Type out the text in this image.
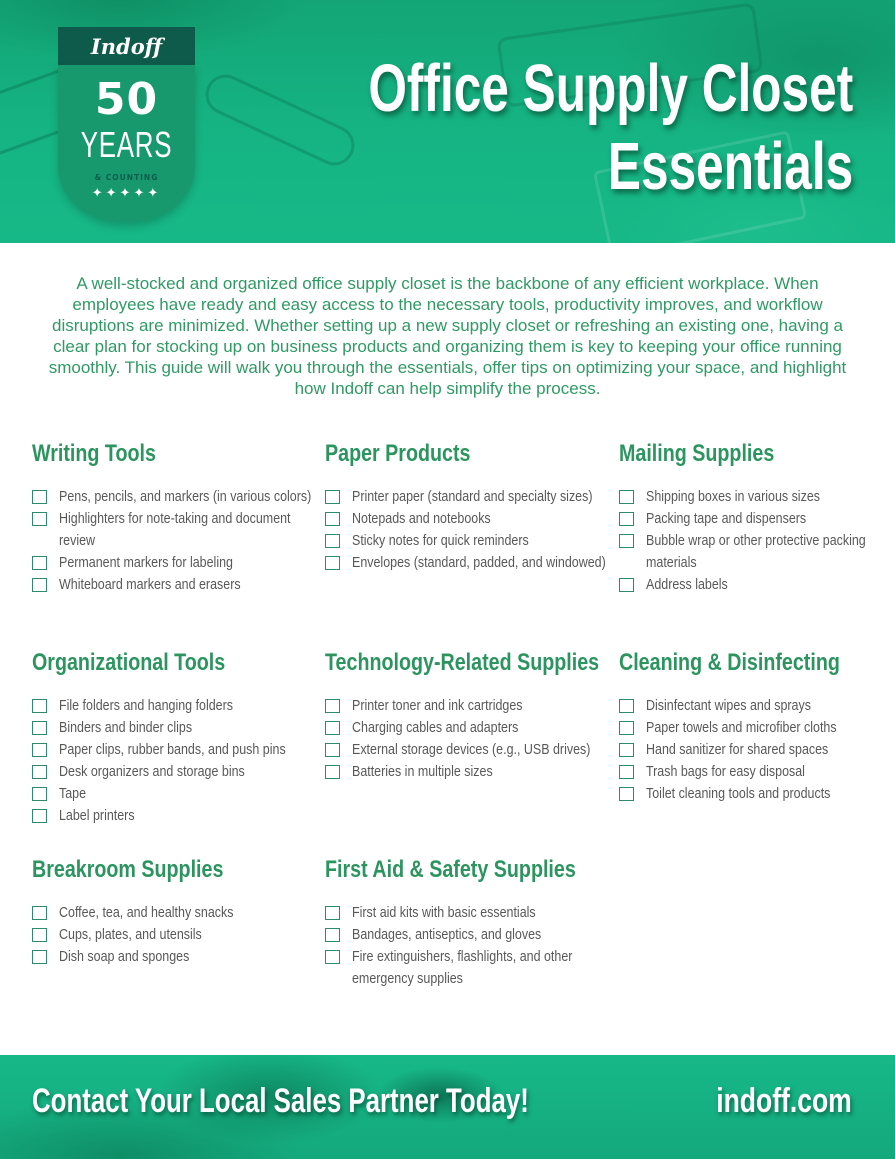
Indoff
50
YEARS
& COUNTING
✦✦✦✦✦
Office Supply Closet
Essentials

A well-stocked and organized office supply closet is the backbone of any efficient workplace. When employees have ready and easy access to the necessary tools, productivity improves, and workflow disruptions are minimized. Whether setting up a new supply closet or refreshing an existing one, having a clear plan for stocking up on business products and organizing them is key to keeping your office running smoothly. This guide will walk you through the essentials, offer tips on optimizing your space, and highlight how Indoff can help simplify the process.

Writing Tools
Pens, pencils, and markers (in various colors)
Highlighters for note-taking and document review
Permanent markers for labeling
Whiteboard markers and erasers
Paper Products
Printer paper (standard and specialty sizes)
Notepads and notebooks
Sticky notes for quick reminders
Envelopes (standard, padded, and windowed)
Mailing Supplies
Shipping boxes in various sizes
Packing tape and dispensers
Bubble wrap or other protective packing materials
Address labels
Organizational Tools
File folders and hanging folders
Binders and binder clips
Paper clips, rubber bands, and push pins
Desk organizers and storage bins
Tape
Label printers
Technology-Related Supplies
Printer toner and ink cartridges
Charging cables and adapters
External storage devices (e.g., USB drives)
Batteries in multiple sizes
Cleaning & Disinfecting
Disinfectant wipes and sprays
Paper towels and microfiber cloths
Hand sanitizer for shared spaces
Trash bags for easy disposal
Toilet cleaning tools and products
Breakroom Supplies
Coffee, tea, and healthy snacks
Cups, plates, and utensils
Dish soap and sponges
First Aid & Safety Supplies
First aid kits with basic essentials
Bandages, antiseptics, and gloves
Fire extinguishers, flashlights, and other emergency supplies
Contact Your Local Sales Partner Today!	indoff.com
